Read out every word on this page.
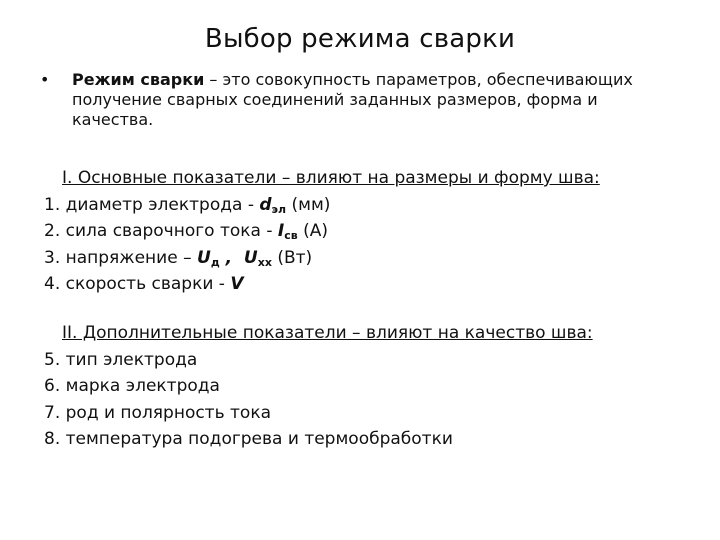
Выбор режима сварки
•	Режим сварки – это совокупность параметров, обеспечивающих получение сварных соединений заданных размеров, форма и качества.
I. Основные показатели – влияют на размеры и форму шва:
1. диаметр электрода - $d_{эл}$ (мм)
2. сила сварочного тока - $I_{св}$ (А)
3. напряжение – $U_д$ ,  $U_{хх}$ (Вт)
4. скорость сварки - V
II. Дополнительные показатели – влияют на качество шва:
5. тип электрода
6. марка электрода
7. род и полярность тока
8. температура подогрева и термообработки
